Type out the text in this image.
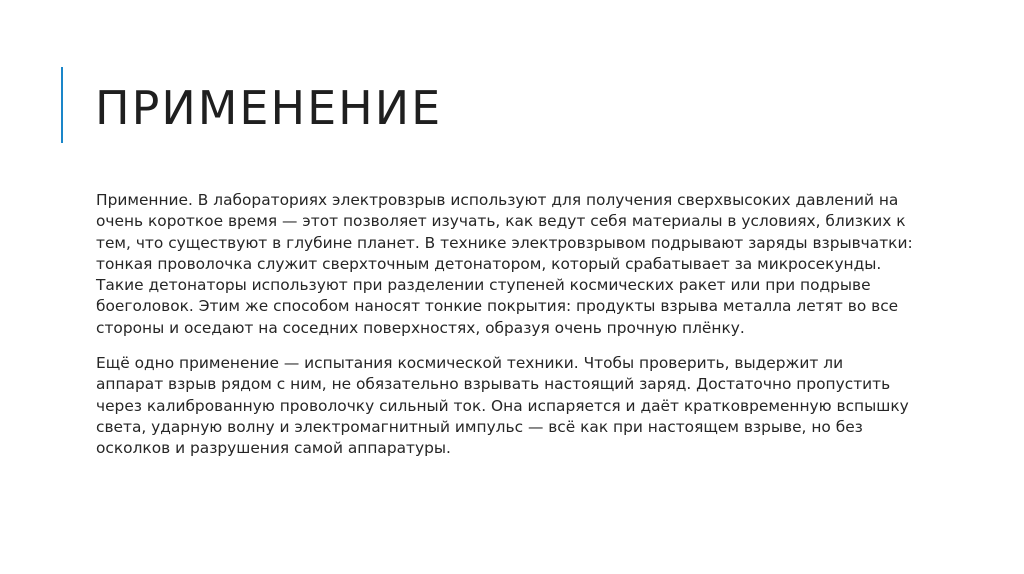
ПРИМЕНЕНИЕ

Применние. В лабораториях электровзрыв используют для получения сверхвысоких давлений на
очень короткое время — этот позволяет изучать, как ведут себя материалы в условиях, близких к
тем, что существуют в глубине планет. В технике электровзрывом подрывают заряды взрывчатки:
тонкая проволочка служит сверхточным детонатором, который срабатывает за микросекунды.
Такие детонаторы используют при разделении ступеней космических ракет или при подрыве
боеголовок. Этим же способом наносят тонкие покрытия: продукты взрыва металла летят во все
стороны и оседают на соседних поверхностях, образуя очень прочную плёнку.

Ещё одно применение — испытания космической техники. Чтобы проверить, выдержит ли
аппарат взрыв рядом с ним, не обязательно взрывать настоящий заряд. Достаточно пропустить
через калиброванную проволочку сильный ток. Она испаряется и даёт кратковременную вспышку
света, ударную волну и электромагнитный импульс — всё как при настоящем взрыве, но без
осколков и разрушения самой аппаратуры.
